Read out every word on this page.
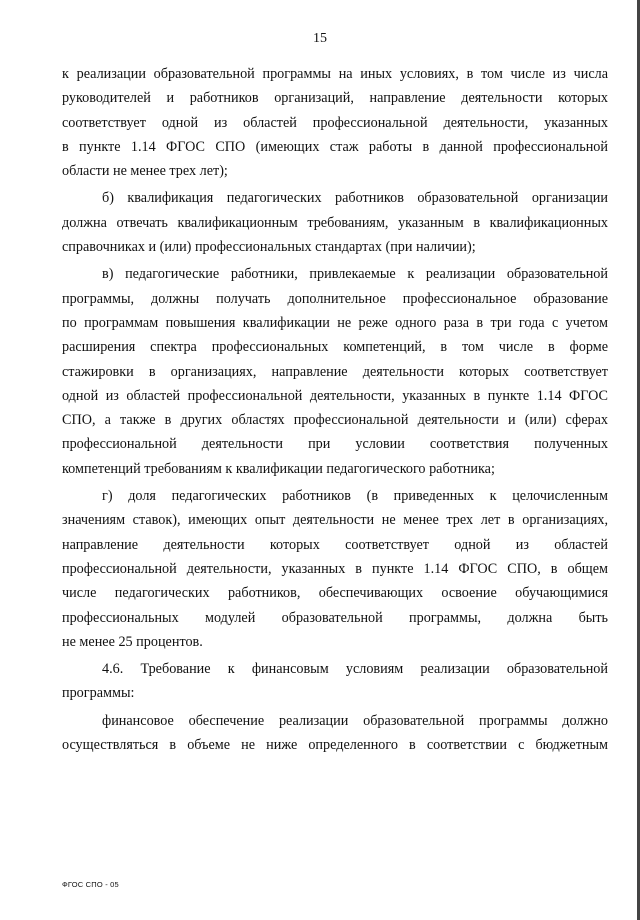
15
к реализации образовательной программы на иных условиях, в том числе из числа
руководителей и работников организаций, направление деятельности которых
соответствует одной из областей профессиональной деятельности, указанных
в пункте 1.14 ФГОС СПО (имеющих стаж работы в данной профессиональной
области не менее трех лет);
б) квалификация педагогических работников образовательной организации
должна отвечать квалификационным требованиям, указанным в квалификационных
справочниках и (или) профессиональных стандартах (при наличии);
в) педагогические работники, привлекаемые к реализации образовательной
программы, должны получать дополнительное профессиональное образование
по программам повышения квалификации не реже одного раза в три года с учетом
расширения спектра профессиональных компетенций, в том числе в форме
стажировки в организациях, направление деятельности которых соответствует
одной из областей профессиональной деятельности, указанных в пункте 1.14 ФГОС
СПО, а также в других областях профессиональной деятельности и (или) сферах
профессиональной деятельности при условии соответствия полученных
компетенций требованиям к квалификации педагогического работника;
г) доля педагогических работников (в приведенных к целочисленным
значениям ставок), имеющих опыт деятельности не менее трех лет в организациях,
направление деятельности которых соответствует одной из областей
профессиональной деятельности, указанных в пункте 1.14 ФГОС СПО, в общем
числе педагогических работников, обеспечивающих освоение обучающимися
профессиональных модулей образовательной программы, должна быть
не менее 25 процентов.
4.6. Требование к финансовым условиям реализации образовательной
программы:
финансовое обеспечение реализации образовательной программы должно
осуществляться в объеме не ниже определенного в соответствии с бюджетным
ФГОС СПО - 05
